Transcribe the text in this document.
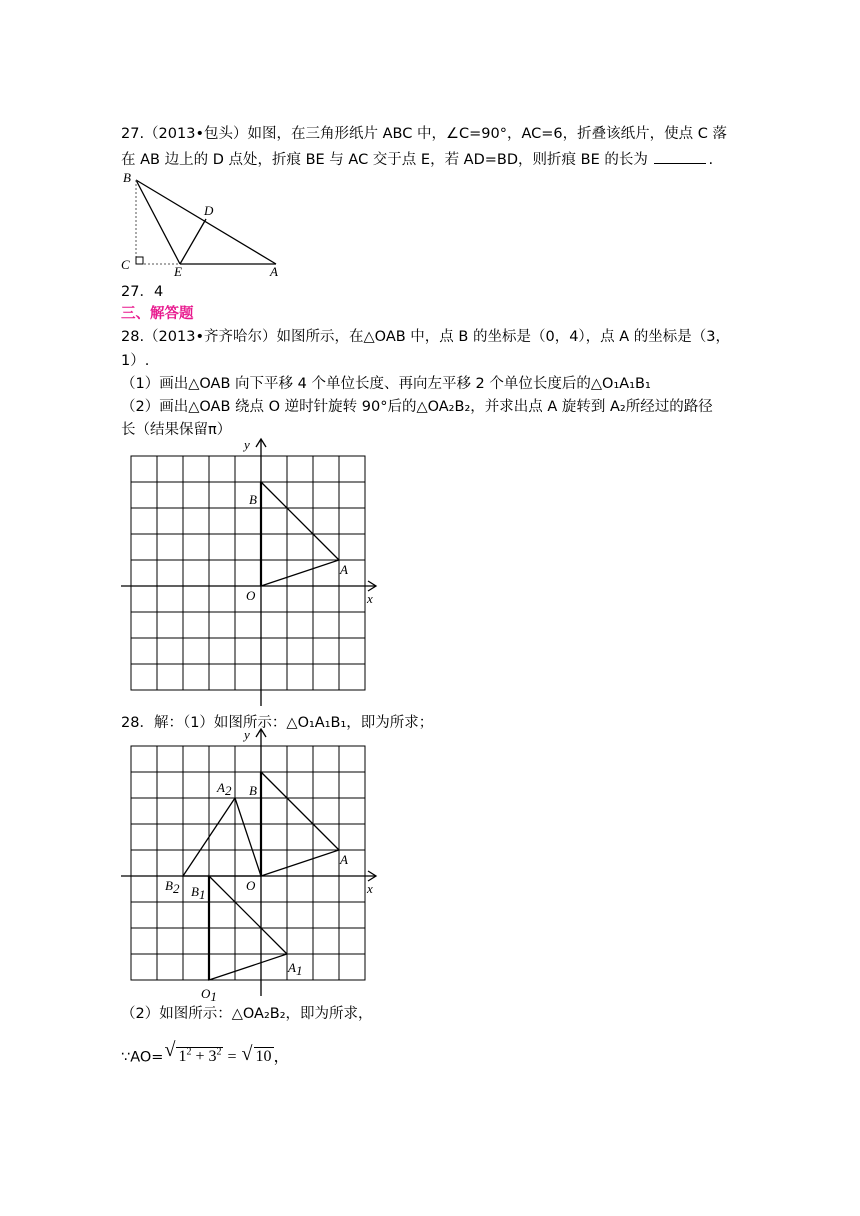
27.（2013•包头）如图，在三角形纸片 ABC 中，∠C=90°，AC=6，折叠该纸片，使点 C 落
在 AB 边上的 D 点处，折痕 BE 与 AC 交于点 E，若 AD=BD，则折痕 BE 的长为	.
B
D
C	E	A
27．4
三、解答题
28.（2013•齐齐哈尔）如图所示，在△OAB 中，点 B 的坐标是（0，4），点 A 的坐标是（3，
1）.
（1）画出△OAB 向下平移 4 个单位长度、再向左平移 2 个单位长度后的△O₁A₁B₁
（2）画出△OAB 绕点 O 逆时针旋转 90°后的△OA₂B₂，并求出点 A 旋转到 A₂所经过的路径
长（结果保留π）
y
x
O
A
B
28．解：（1）如图所示：△O₁A₁B₁，即为所求；
y
x
O
A
B
A2
B2 B1
A1
O1
（2）如图所示：△OA₂B₂，即为所求，
∵AO= √ $1^2 + 3^2$ = √ 10 ，
